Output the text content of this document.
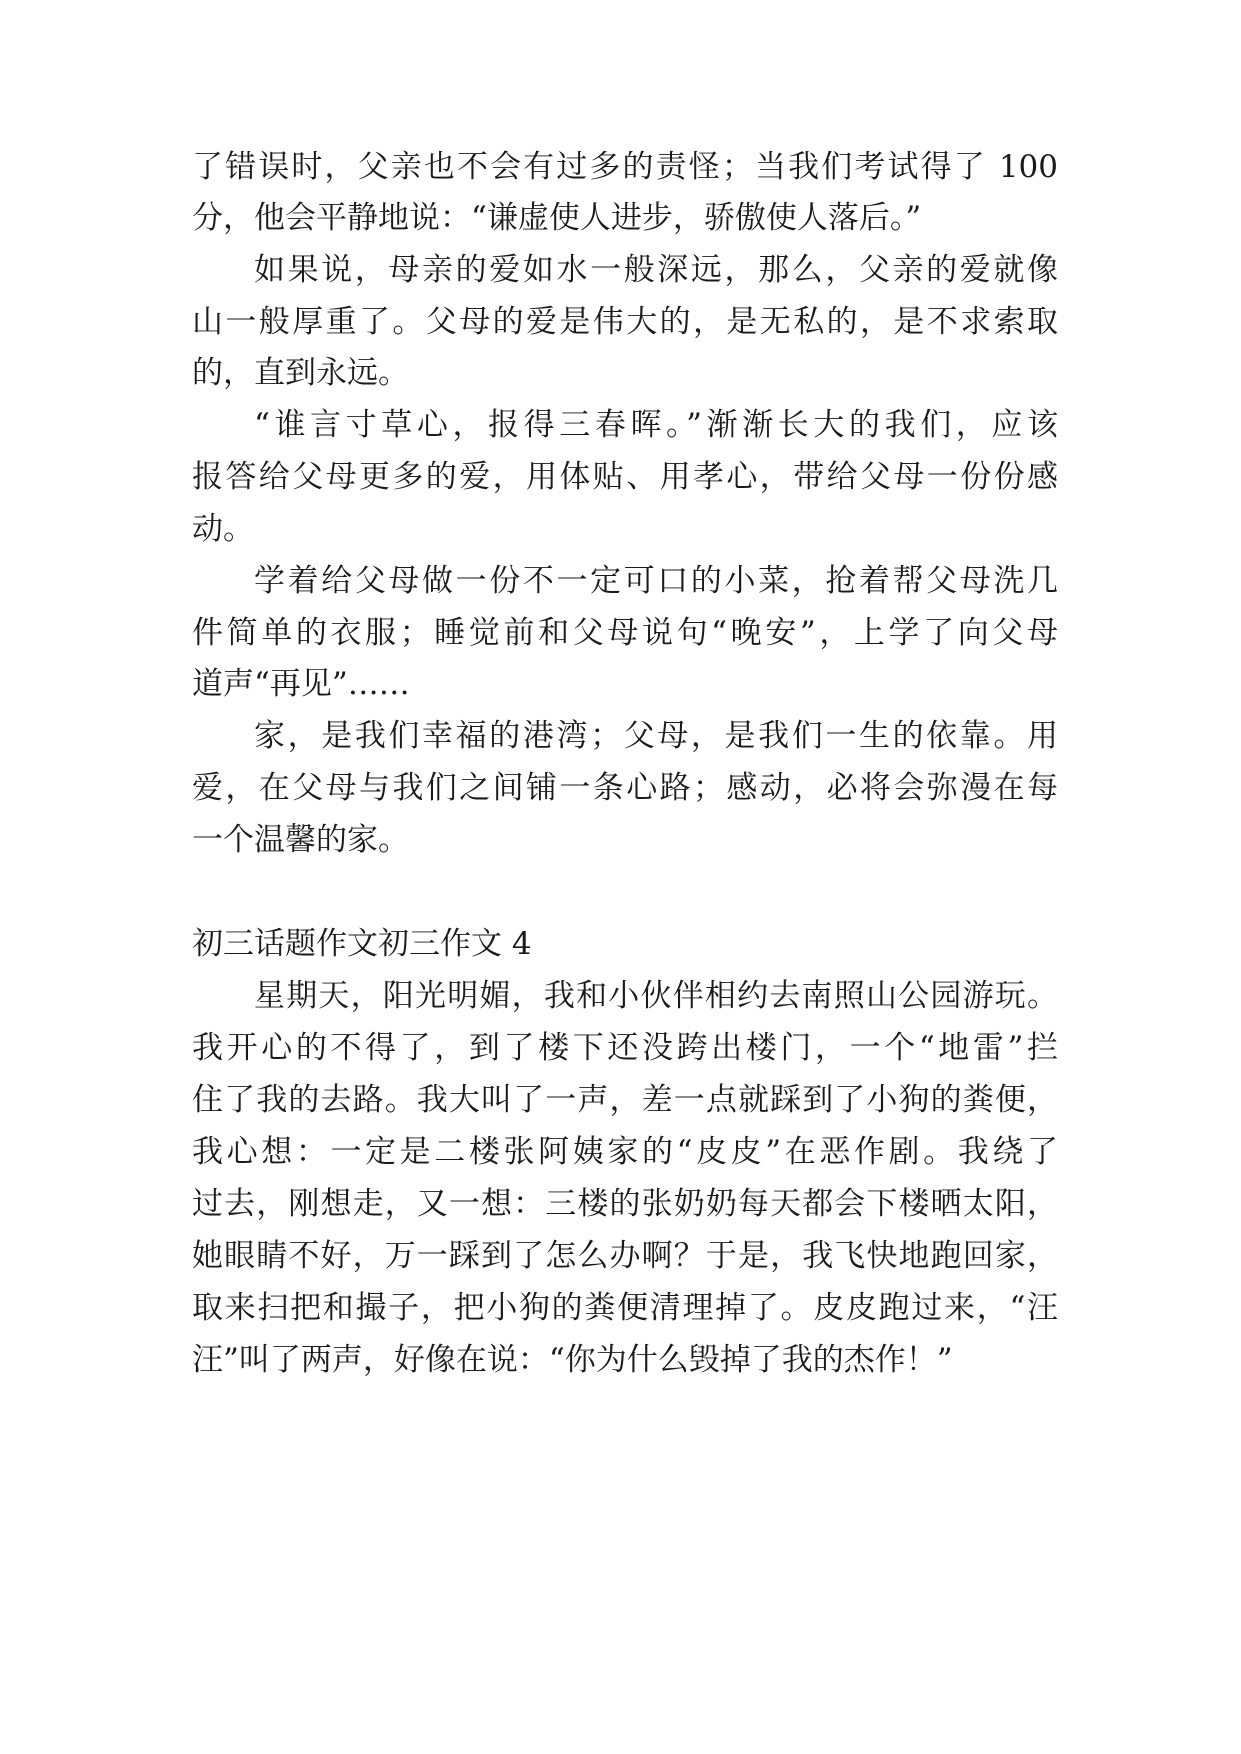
了错误时，父亲也不会有过多的责怪；当我们考试得了 100
分，他会平静地说：“谦虚使人进步，骄傲使人落后。”
如果说，母亲的爱如水一般深远，那么，父亲的爱就像
山一般厚重了。父母的爱是伟大的，是无私的，是不求索取
的，直到永远。
“谁言寸草心，报得三春晖。”渐渐长大的我们，应该
报答给父母更多的爱，用体贴、用孝心，带给父母一份份感
动。
学着给父母做一份不一定可口的小菜，抢着帮父母洗几
件简单的衣服；睡觉前和父母说句“晚安”，上学了向父母
道声“再见”……
家，是我们幸福的港湾；父母，是我们一生的依靠。用
爱，在父母与我们之间铺一条心路；感动，必将会弥漫在每
一个温馨的家。
初三话题作文初三作文 4
星期天，阳光明媚，我和小伙伴相约去南照山公园游玩。
我开心的不得了，到了楼下还没跨出楼门，一个“地雷”拦
住了我的去路。我大叫了一声，差一点就踩到了小狗的粪便，
我心想：一定是二楼张阿姨家的“皮皮”在恶作剧。我绕了
过去，刚想走，又一想：三楼的张奶奶每天都会下楼晒太阳，
她眼睛不好，万一踩到了怎么办啊？于是，我飞快地跑回家，
取来扫把和撮子，把小狗的粪便清理掉了。皮皮跑过来，“汪
汪”叫了两声，好像在说：“你为什么毁掉了我的杰作！”
